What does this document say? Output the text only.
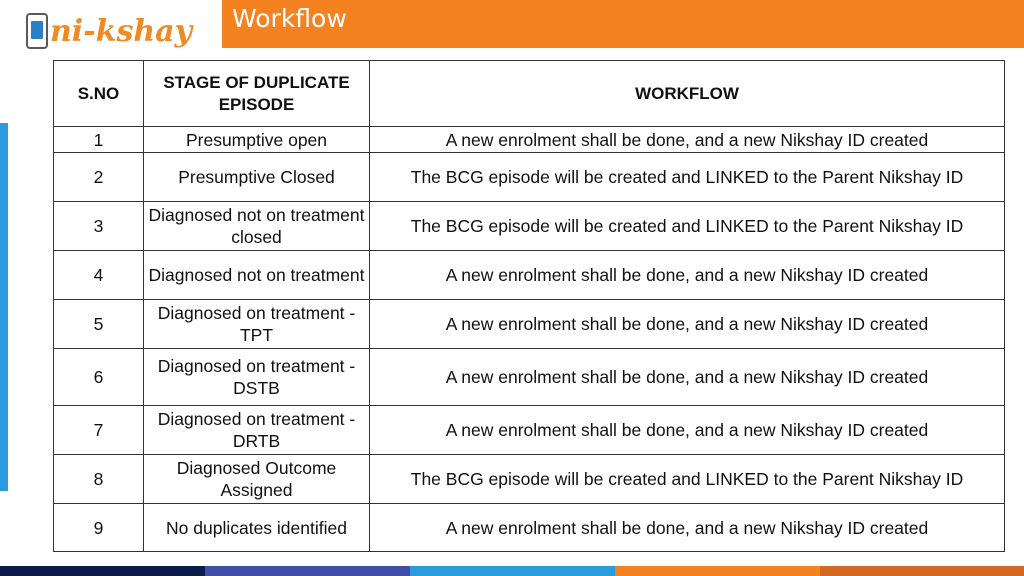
ni-kshay Workflow
S.NO	STAGE OF DUPLICATE EPISODE	WORKFLOW
1	Presumptive open	A new enrolment shall be done, and a new Nikshay ID created
2	Presumptive Closed	The BCG episode will be created and LINKED to the Parent Nikshay ID
3	Diagnosed not on treatment closed	The BCG episode will be created and LINKED to the Parent Nikshay ID
4	Diagnosed not on treatment	A new enrolment shall be done, and a new Nikshay ID created
5	Diagnosed on treatment - TPT	A new enrolment shall be done, and a new Nikshay ID created
6	Diagnosed on treatment - DSTB	A new enrolment shall be done, and a new Nikshay ID created
7	Diagnosed on treatment - DRTB	A new enrolment shall be done, and a new Nikshay ID created
8	Diagnosed Outcome Assigned	The BCG episode will be created and LINKED to the Parent Nikshay ID
9	No duplicates identified	A new enrolment shall be done, and a new Nikshay ID created
